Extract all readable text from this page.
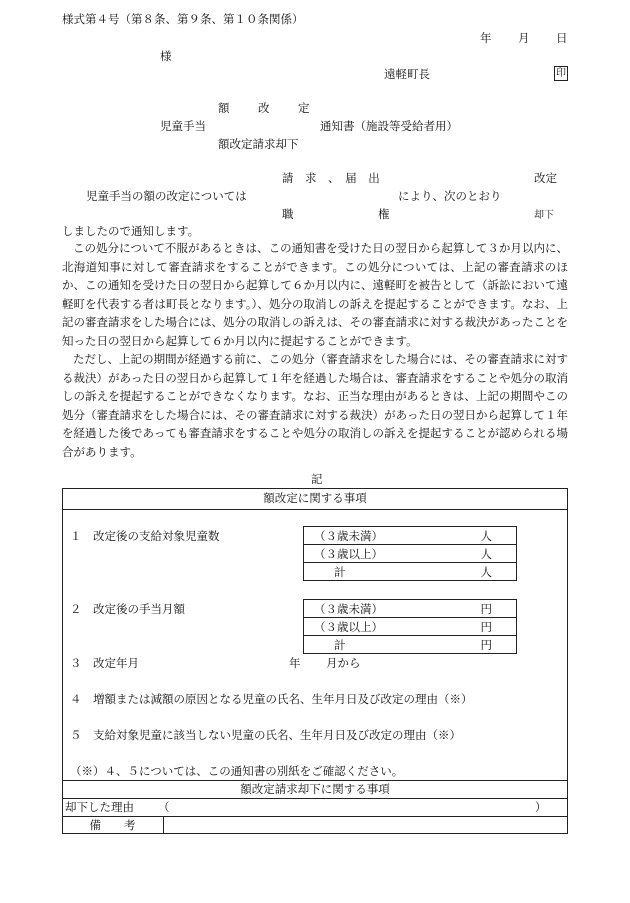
様式第４号（第８条、第９条、第１０条関係）
年 月 日
様
遠軽町長	印
額 改 定
児童手当	通知書（施設等受給者用）
額改定請求却下
請　求　、　届　出	改定
児童手当の額の改定については	により、次のとおり
職	権	却下
しましたので通知します。

この処分について不服があるときは、この通知書を受けた日の翌日から起算して３か月以内に、北海道知事に対して審査請求をすることができます。この処分については、上記の審査請求のほか、この通知を受けた日の翌日から起算して６か月以内に、遠軽町を被告として（訴訟において遠軽町を代表する者は町長となります。）、処分の取消しの訴えを提起することができます。なお、上記の審査請求をした場合には、処分の取消しの訴えは、その審査請求に対する裁決があったことを知った日の翌日から起算して６か月以内に提起することができます。

ただし、上記の期間が経過する前に、この処分（審査請求をした場合には、その審査請求に対する裁決）があった日の翌日から起算して１年を経過した場合は、審査請求をすることや処分の取消しの訴えを提起することができなくなります。なお、正当な理由があるときは、上記の期間やこの処分（審査請求をした場合には、その審査請求に対する裁決）があった日の翌日から起算して１年を経過した後であっても審査請求をすることや処分の取消しの訴えを提起することが認められる場合があります。

記
額改定に関する事項
１　改定後の支給対象児童数	（３歳未満）	人

（３歳以上）	人

計	人
２　改定後の手当月額	（３歳未満）	円

（３歳以上）	円

計	円
３　改定年月	年 月から
４　増額または減額の原因となる児童の氏名、生年月日及び改定の理由（※）
５　支給対象児童に該当しない児童の氏名、生年月日及び改定の理由（※）
（※）４、５については、この通知書の別紙をご確認ください。
額改定請求却下に関する事項
却下した理由 （	）
備　　考
